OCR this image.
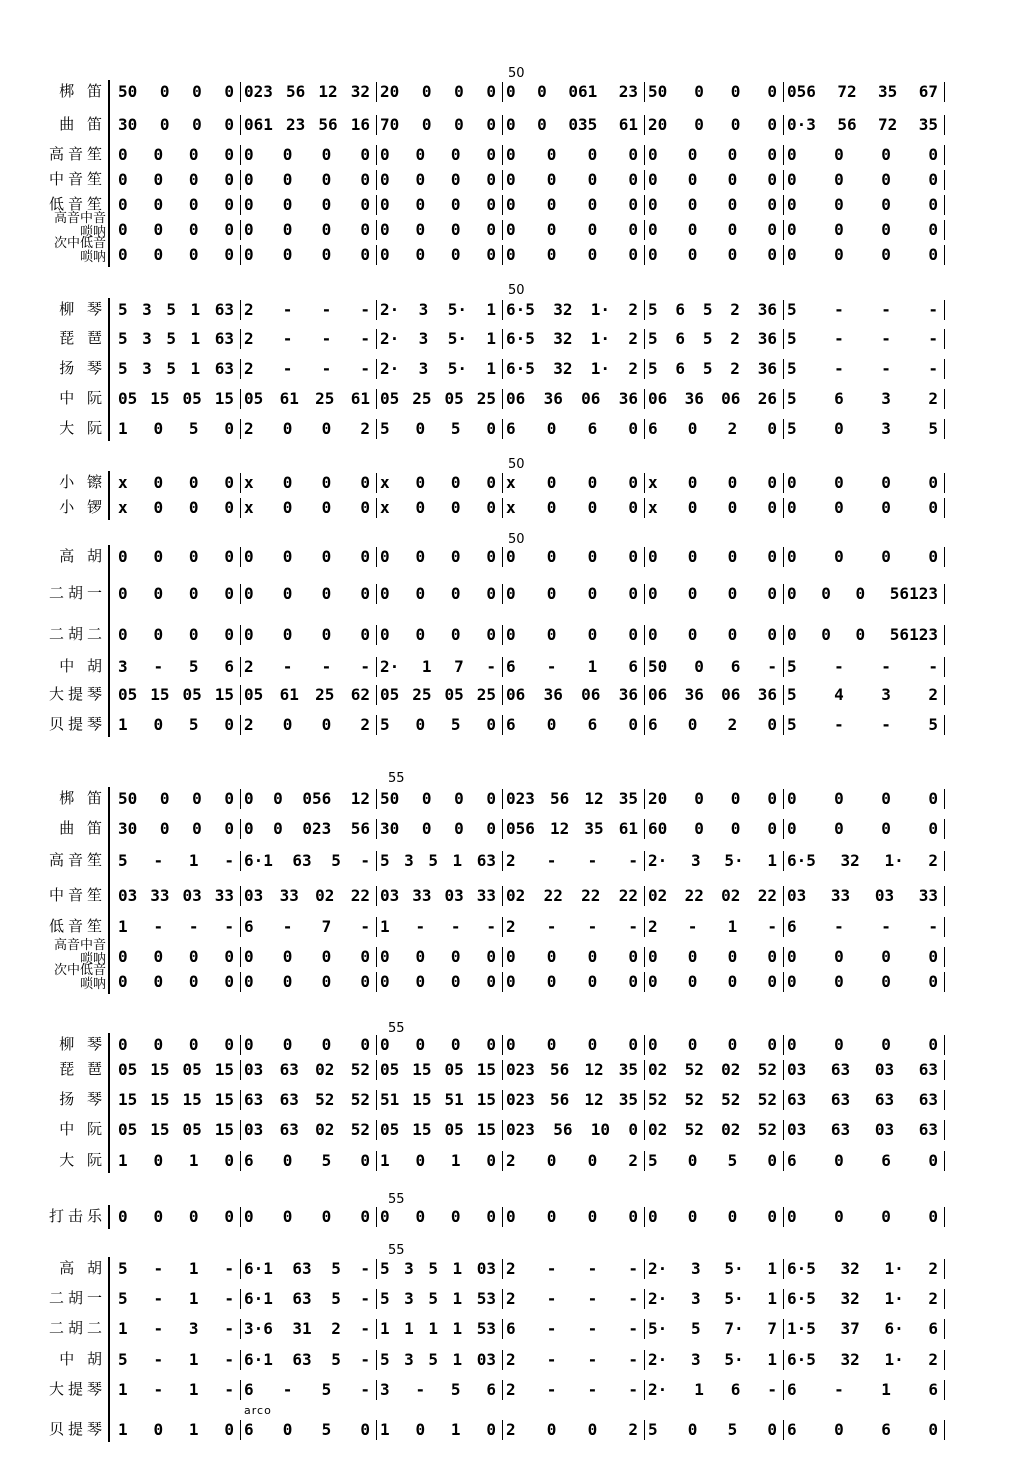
50
梆 笛 50 0 0 0 023 56 12 32 20 0 0 0 0 0 061 23 50 0 0 0 056 72 35 67
曲 笛 30 0 0 0 061 23 56 16 70 0 0 0 0 0 035 61 20 0 0 0 0·3 56 72 35
高音笙 0 0 0 0 0 0 0 0 0 0 0 0 0 0 0 0 0 0 0 0 0 0 0 0
中音笙 0 0 0 0 0 0 0 0 0 0 0 0 0 0 0 0 0 0 0 0 0 0 0 0
低音笙 0 0 0 0 0 0 0 0 0 0 0 0 0 0 0 0 0 0 0 0 0 0 0 0
高音中音唢呐 0 0 0 0 0 0 0 0 0 0 0 0 0 0 0 0 0 0 0 0 0 0 0 0
次中低音唢呐 0 0 0 0 0 0 0 0 0 0 0 0 0 0 0 0 0 0 0 0 0 0 0 0
50
柳 琴 5 3 5 1 63 2 - - - 2· 3 5· 1 6·5 32 1· 2 5 6 5 2 36 5 - - -
琵 琶 5 3 5 1 63 2 - - - 2· 3 5· 1 6·5 32 1· 2 5 6 5 2 36 5 - - -
扬 琴 5 3 5 1 63 2 - - - 2· 3 5· 1 6·5 32 1· 2 5 6 5 2 36 5 - - -
中 阮 05 15 05 15 05 61 25 61 05 25 05 25 06 36 06 36 06 36 06 26 5 6 3 2
大 阮 1 0 5 0 2 0 0 2 5 0 5 0 6 0 6 0 6 0 2 0 5 0 3 5
50
小 镲 x 0 0 0 x 0 0 0 x 0 0 0 x 0 0 0 x 0 0 0 0 0 0 0
小 锣 x 0 0 0 x 0 0 0 x 0 0 0 x 0 0 0 x 0 0 0 0 0 0 0
50
高 胡 0 0 0 0 0 0 0 0 0 0 0 0 0 0 0 0 0 0 0 0 0 0 0 0
二胡一 0 0 0 0 0 0 0 0 0 0 0 0 0 0 0 0 0 0 0 0 0 0 0 56123
二胡二 0 0 0 0 0 0 0 0 0 0 0 0 0 0 0 0 0 0 0 0 0 0 0 56123
中 胡 3 - 5 6 2 - - - 2· 1 7 - 6 - 1 6 50 0 6 - 5 - - -
大提琴 05 15 05 15 05 61 25 62 05 25 05 25 06 36 06 36 06 36 06 36 5 4 3 2
贝提琴 1 0 5 0 2 0 0 2 5 0 5 0 6 0 6 0 6 0 2 0 5 - - 5
55
梆 笛 50 0 0 0 0 0 056 12 50 0 0 0 023 56 12 35 20 0 0 0 0 0 0 0
曲 笛 30 0 0 0 0 0 023 56 30 0 0 0 056 12 35 61 60 0 0 0 0 0 0 0
高音笙 5 - 1 - 6·1 63 5 - 5 3 5 1 63 2 - - - 2· 3 5· 1 6·5 32 1· 2
中音笙 03 33 03 33 03 33 02 22 03 33 03 33 02 22 22 22 02 22 02 22 03 33 03 33
低音笙 1 - - - 6 - 7 - 1 - - - 2 - - - 2 - 1 - 6 - - -
高音中音唢呐 0 0 0 0 0 0 0 0 0 0 0 0 0 0 0 0 0 0 0 0 0 0 0 0
次中低音唢呐 0 0 0 0 0 0 0 0 0 0 0 0 0 0 0 0 0 0 0 0 0 0 0 0
55
柳 琴 0 0 0 0 0 0 0 0 0 0 0 0 0 0 0 0 0 0 0 0 0 0 0 0
琵 琶 05 15 05 15 03 63 02 52 05 15 05 15 023 56 12 35 02 52 02 52 03 63 03 63
扬 琴 15 15 15 15 63 63 52 52 51 15 51 15 023 56 12 35 52 52 52 52 63 63 63 63
中 阮 05 15 05 15 03 63 02 52 05 15 05 15 023 56 10 0 02 52 02 52 03 63 03 63
大 阮 1 0 1 0 6 0 5 0 1 0 1 0 2 0 0 2 5 0 5 0 6 0 6 0
55
打击乐 0 0 0 0 0 0 0 0 0 0 0 0 0 0 0 0 0 0 0 0 0 0 0 0
55
高 胡 5 - 1 - 6·1 63 5 - 5 3 5 1 03 2 - - - 2· 3 5· 1 6·5 32 1· 2
二胡一 5 - 1 - 6·1 63 5 - 5 3 5 1 53 2 - - - 2· 3 5· 1 6·5 32 1· 2
二胡二 1 - 3 - 3·6 31 2 - 1 1 1 1 53 6 - - - 5· 5 7· 7 1·5 37 6· 6
中 胡 5 - 1 - 6·1 63 5 - 5 3 5 1 03 2 - - - 2· 3 5· 1 6·5 32 1· 2
大提琴 1 - 1 - 6 - 5 - 3 - 5 6 2 - - - 2· 1 6 - 6 - 1 6
贝提琴 1 0 1 0 6 0 5 0 1 0 1 0 2 0 0 2 5 0 5 0 6 0 6 0
arco
